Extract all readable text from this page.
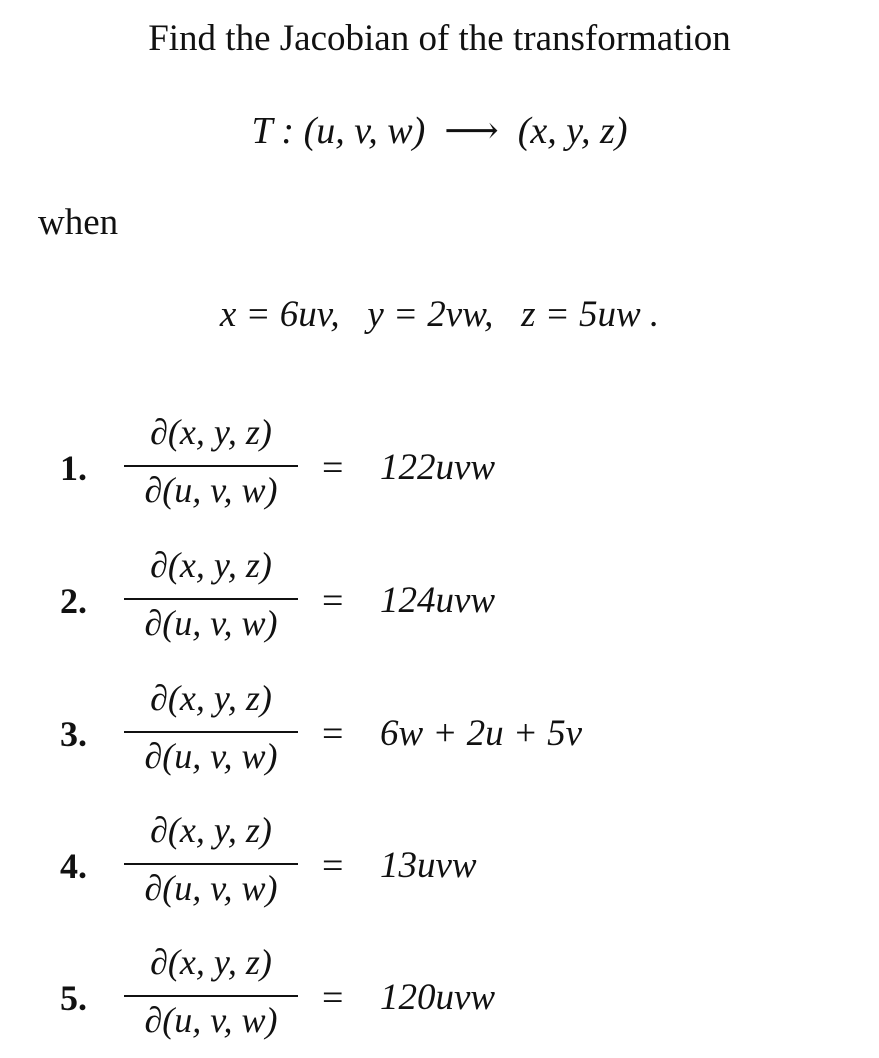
Find the Jacobian of the transformation
T : (u, v, w)  ⟶  (x, y, z)
when
x = 6uv,   y = 2vw,   z = 5uw .
1.
∂(x, y, z)
∂(u, v, w)
= 122uvw
2.
∂(x, y, z)
∂(u, v, w)
= 124uvw
3.
∂(x, y, z)
∂(u, v, w)
= 6w + 2u + 5v
4.
∂(x, y, z)
∂(u, v, w)
= 13uvw
5.
∂(x, y, z)
∂(u, v, w)
= 120uvw
